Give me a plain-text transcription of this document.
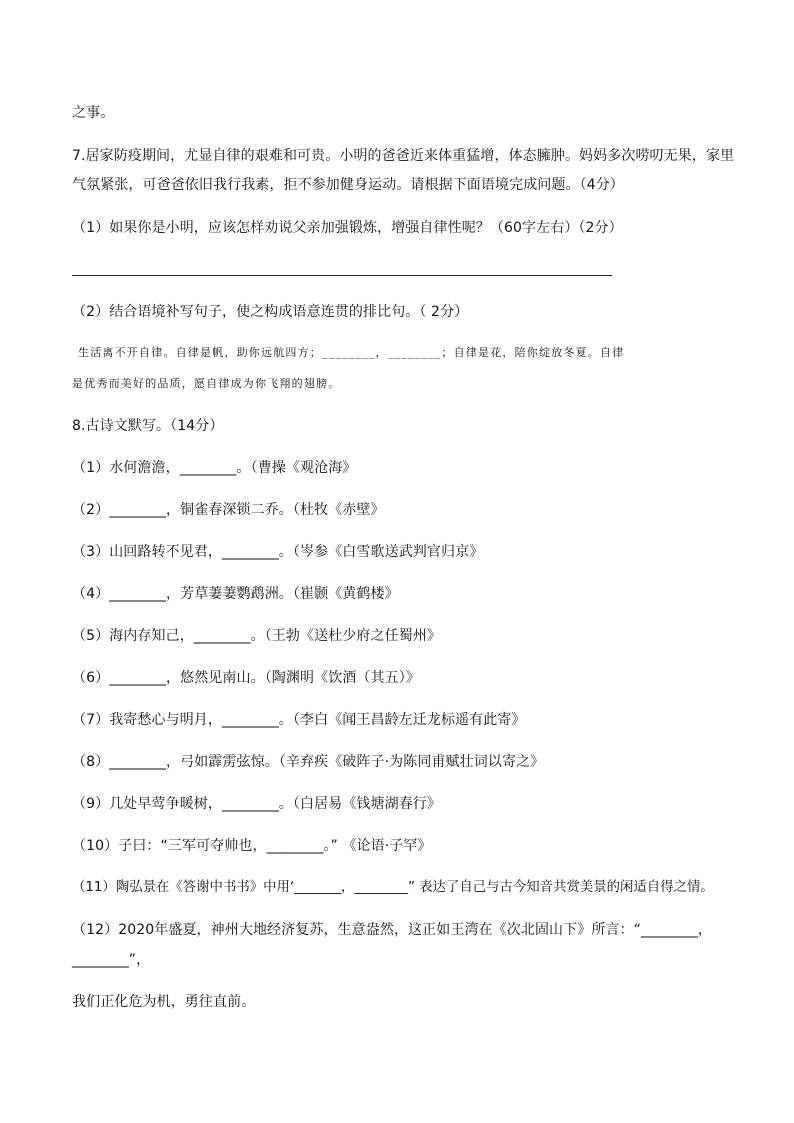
之事。
7.居家防疫期间，尤显自律的艰难和可贵。小明的爸爸近来体重猛增，体态臃肿。妈妈多次唠叨无果，家里
气氛紧张，可爸爸依旧我行我素，拒不参加健身运动。请根据下面语境完成问题。（4分）
（1）如果你是小明，应该怎样劝说父亲加强锻炼，增强自律性呢？（60字左右）（2分）
（2）结合语境补写句子，使之构成语意连贯的排比句。（ 2分）
生活离不开自律。自律是帆，助你远航四方；________，________；自律是花，陪你绽放冬夏。自律
是优秀而美好的品质，愿自律成为你飞翔的翅膀。
8.古诗文默写。（14分）
（1）水何澹澹，________。（曹操《观沧海》
（2）________，铜雀春深锁二乔。（杜牧《赤壁》
（3）山回路转不见君，________。（岑参《白雪歌送武判官归京》
（4）________，芳草萋萋鹦鹉洲。（崔颢《黄鹤楼》
（5）海内存知己，________。（王勃《送杜少府之任蜀州》
（6）________，悠然见南山。（陶渊明《饮酒（其五）》
（7）我寄愁心与明月，________。（李白《闻王昌龄左迁龙标遥有此寄》
（8）________，弓如霹雳弦惊。（辛弃疾《破阵子·为陈同甫赋壮词以寄之》
（9）几处早莺争暖树，________。（白居易《钱塘湖春行》
（10）子曰：“三军可夺帅也，________。” 《论语·子罕》
（11）陶弘景在《答谢中书书》中用‘_______，________” 表达了自己与古今知音共赏美景的闲适自得之情。
（12）2020年盛夏，神州大地经济复苏，生意盎然，这正如王湾在《次北固山下》所言：“________，
________”，
我们正化危为机，勇往直前。
